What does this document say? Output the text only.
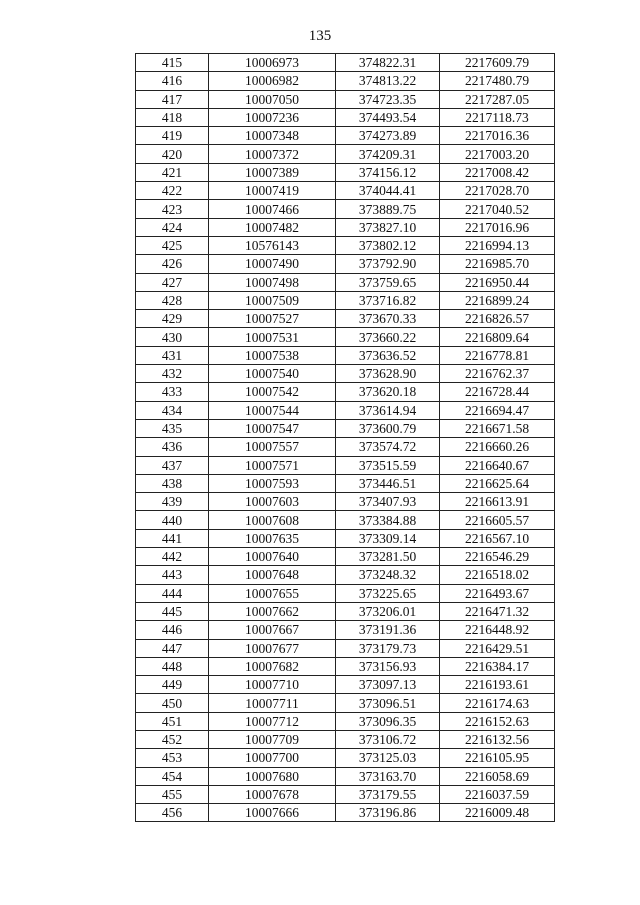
135
415	10006973	374822.31	2217609.79
416	10006982	374813.22	2217480.79
417	10007050	374723.35	2217287.05
418	10007236	374493.54	2217118.73
419	10007348	374273.89	2217016.36
420	10007372	374209.31	2217003.20
421	10007389	374156.12	2217008.42
422	10007419	374044.41	2217028.70
423	10007466	373889.75	2217040.52
424	10007482	373827.10	2217016.96
425	10576143	373802.12	2216994.13
426	10007490	373792.90	2216985.70
427	10007498	373759.65	2216950.44
428	10007509	373716.82	2216899.24
429	10007527	373670.33	2216826.57
430	10007531	373660.22	2216809.64
431	10007538	373636.52	2216778.81
432	10007540	373628.90	2216762.37
433	10007542	373620.18	2216728.44
434	10007544	373614.94	2216694.47
435	10007547	373600.79	2216671.58
436	10007557	373574.72	2216660.26
437	10007571	373515.59	2216640.67
438	10007593	373446.51	2216625.64
439	10007603	373407.93	2216613.91
440	10007608	373384.88	2216605.57
441	10007635	373309.14	2216567.10
442	10007640	373281.50	2216546.29
443	10007648	373248.32	2216518.02
444	10007655	373225.65	2216493.67
445	10007662	373206.01	2216471.32
446	10007667	373191.36	2216448.92
447	10007677	373179.73	2216429.51
448	10007682	373156.93	2216384.17
449	10007710	373097.13	2216193.61
450	10007711	373096.51	2216174.63
451	10007712	373096.35	2216152.63
452	10007709	373106.72	2216132.56
453	10007700	373125.03	2216105.95
454	10007680	373163.70	2216058.69
455	10007678	373179.55	2216037.59
456	10007666	373196.86	2216009.48
